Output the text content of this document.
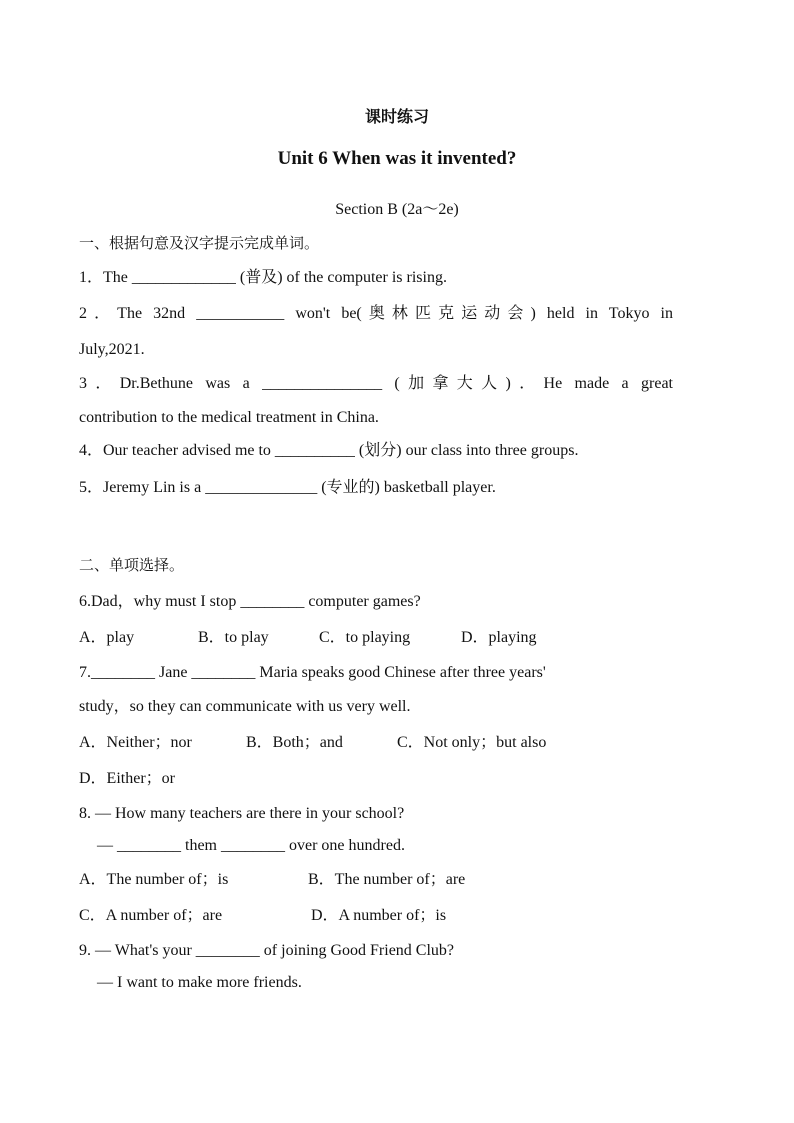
课时练习
Unit 6 When was it invented?
Section B (2a～2e)
一、根据句意及汉字提示完成单词。
1．The _____________ (普及) of the computer is rising.
2．The 32nd ___________ won't be(奥林匹克运动会) held in Tokyo in
July,2021.
3．Dr.Bethune was a _______________ (加拿大人)．He made a great
contribution to the medical treatment in China.
4．Our teacher advised me to __________ (划分) our class into three groups.
5．Jeremy Lin is a ______________ (专业的) basketball player.
二、单项选择。
6.Dad，why must I stop ________ computer games?
A．play	B．to play	C．to playing	D．playing
7.________ Jane ________ Maria speaks good Chinese after three years'
study，so they can communicate with us very well.
A．Neither；nor	B．Both；and	C．Not only；but also
D．Either；or
8. — How many teachers are there in your school?
— ________ them ________ over one hundred.
A．The number of；is	B．The number of；are
C．A number of；are	D．A number of；is
9. — What's your ________ of joining Good Friend Club?
— I want to make more friends.
